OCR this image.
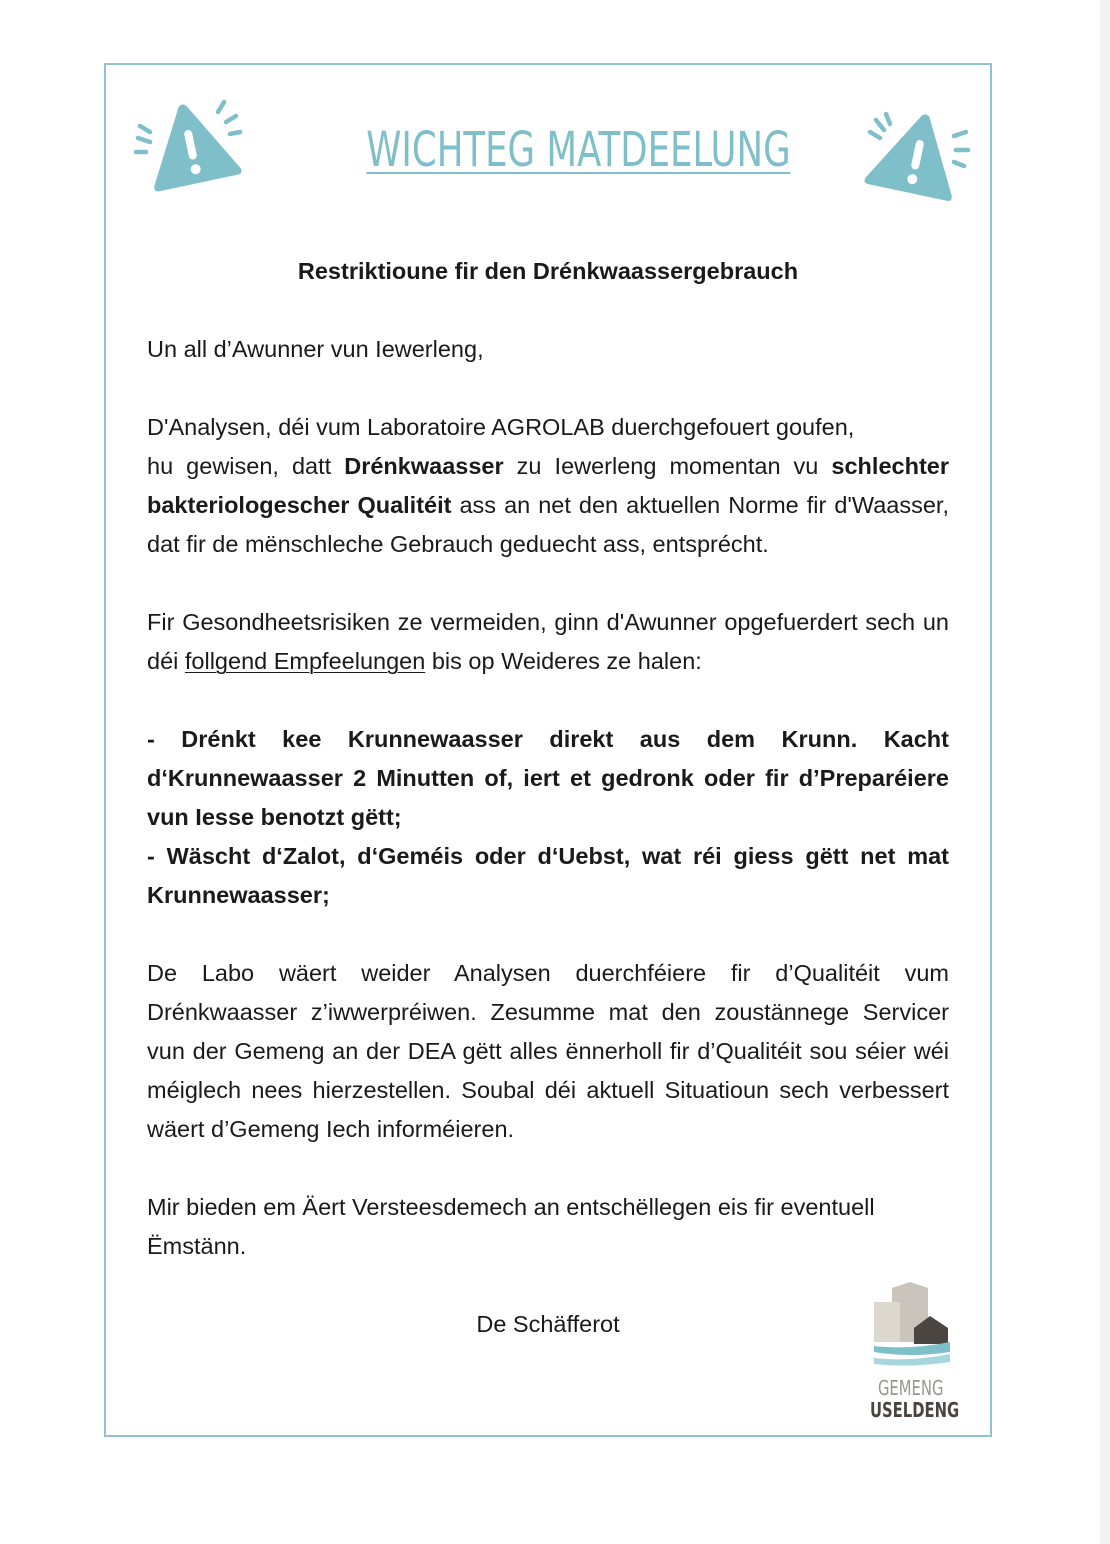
WICHTEG MATDEELUNG

Restriktioune fir den Drénkwaassergebrauch

Un all d’Awunner vun Iewerleng,

D'Analysen, déi vum Laboratoire AGROLAB duerchgefouert goufen,

hu gewisen, datt Drénkwaasser zu Iewerleng momentan vu schlechter bakteriologescher Qualitéit ass an net den aktuellen Norme fir d'Waasser, dat fir de mënschleche Gebrauch geduecht ass, entsprécht.

Fir Gesondheetsrisiken ze vermeiden, ginn d'Awunner opgefuerdert sech un déi follgend Empfeelungen bis op Weideres ze halen:

- Drénkt kee Krunnewaasser direkt aus dem Krunn. Kacht d‘Krunnewaasser 2 Minutten of, iert et gedronk oder fir d’Preparéiere vun Iesse benotzt gëtt;

- Wäscht d‘Zalot, d‘Geméis oder d‘Uebst, wat réi giess gëtt net mat Krunnewaasser;

De Labo wäert weider Analysen duerchféiere fir d’Qualitéit vum Drénkwaasser z’iwwerpréiwen. Zesumme mat den zoustännege Servicer vun der Gemeng an der DEA gëtt alles ënnerholl fir d’Qualitéit sou séier wéi méiglech nees hierzestellen. Soubal déi aktuell Situatioun sech verbessert wäert d’Gemeng Iech informéieren.

Mir bieden em Äert Versteesdemech an entschëllegen eis fir eventuell Ëmstänn.

De Schäfferot

GEMENG
USELDENG
